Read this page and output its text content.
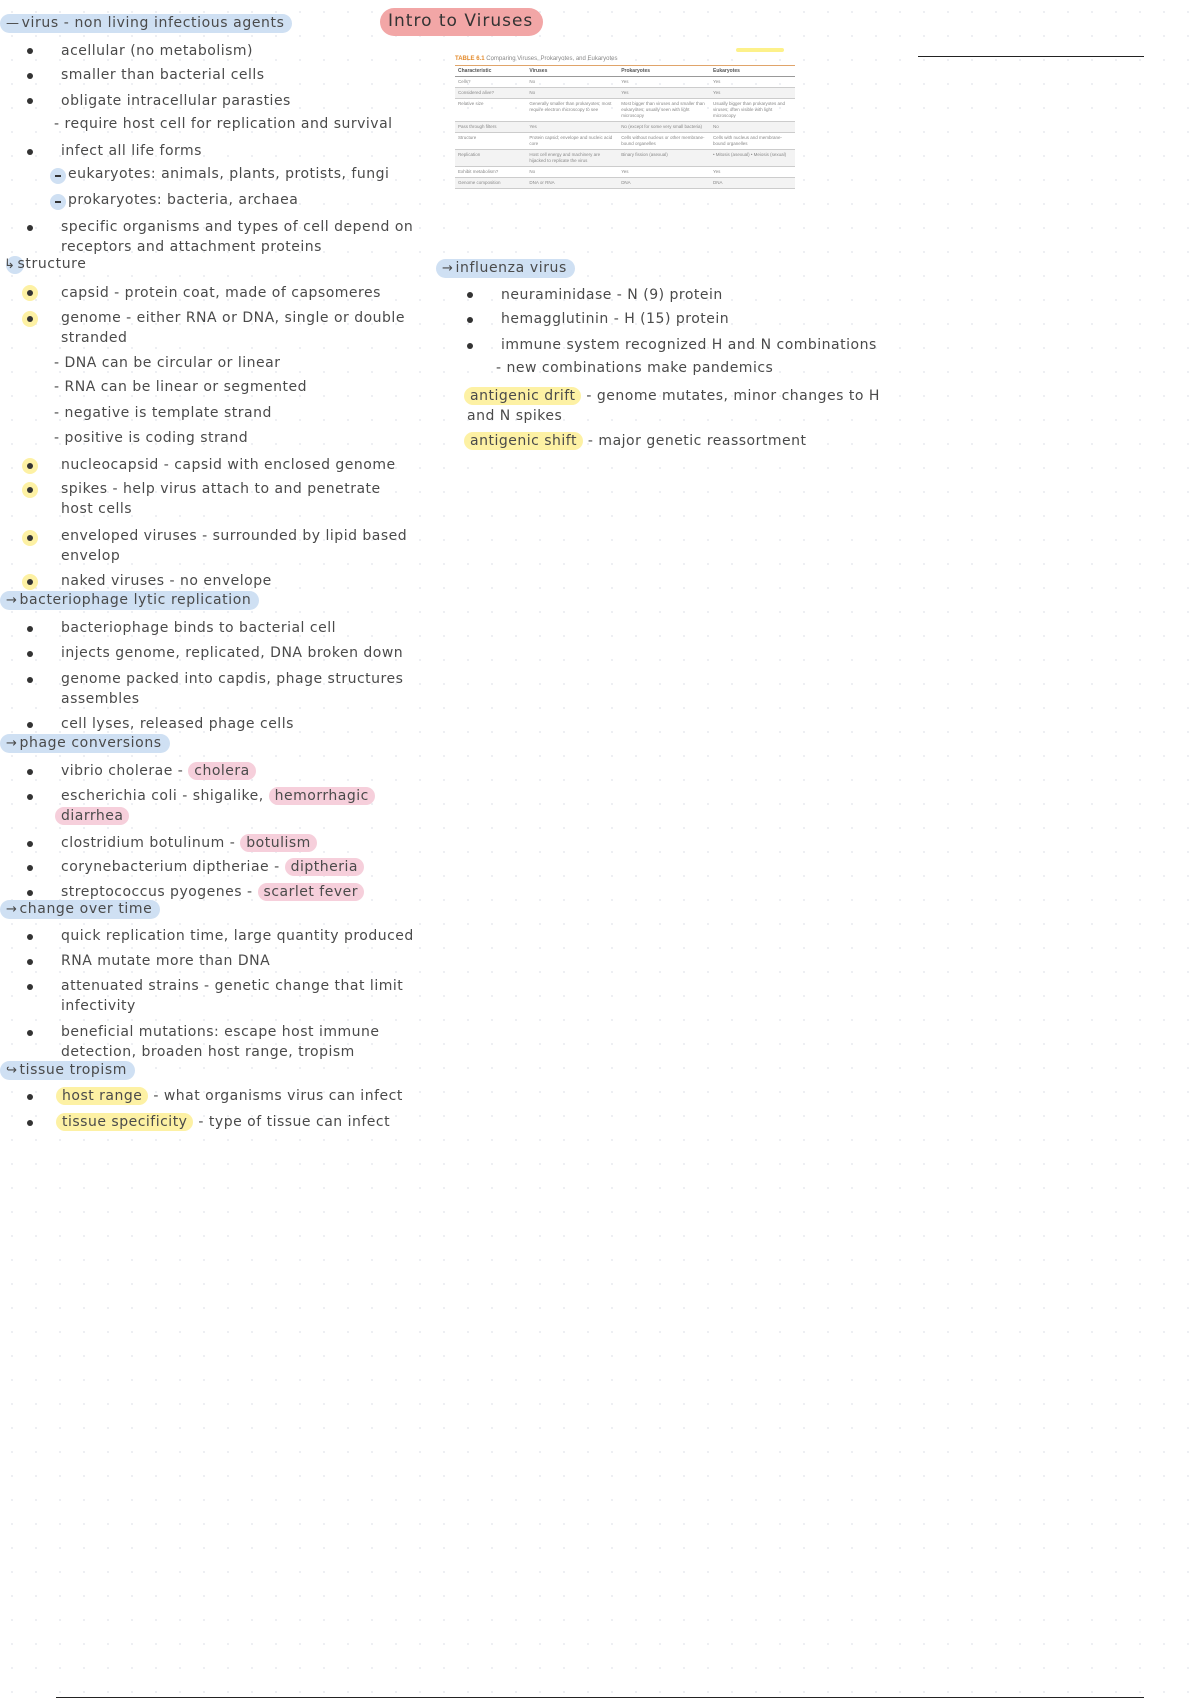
Intro to Viruses
— virus - non living infectious agents
acellular (no metabolism)
smaller than bacterial cells
obligate intracellular parasties
- require host cell for replication and survival
infect all life forms
eukaryotes: animals, plants, protists, fungi
prokaryotes: bacteria, archaea
specific organisms and types of cell depend on
receptors and attachment proteins
↳ structure
capsid - protein coat, made of capsomeres
genome - either RNA or DNA, single or double
stranded
- DNA can be circular or linear
- RNA can be linear or segmented
- negative is template strand
- positive is coding strand
nucleocapsid - capsid with enclosed genome
spikes - help virus attach to and penetrate
host cells
enveloped viruses - surrounded by lipid based
envelop
naked viruses - no envelope
→ bacteriophage lytic replication
bacteriophage binds to bacterial cell
injects genome, replicated, DNA broken down
genome packed into capdis, phage structures
assembles
cell lyses, released phage cells
→ phage conversions
vibrio cholerae - cholera
escherichia coli - shigalike, hemorrhagic
diarrhea
clostridium botulinum - botulism
corynebacterium diptheriae - diptheria
streptococcus pyogenes - scarlet fever
→ change over time
quick replication time, large quantity produced
RNA mutate more than DNA
attenuated strains - genetic change that limit
infectivity
beneficial mutations: escape host immune
detection, broaden host range, tropism
↪ tissue tropism
host range - what organisms virus can infect
tissue specificity - type of tissue can infect
TABLE 6.1 Comparing Viruses, Prokaryotes, and Eukaryotes
Characteristic	Viruses	Prokaryotes	Eukaryotes
Cells?	No	Yes	Yes
Considered alive?	No	Yes	Yes
Relative size	Generally smaller than prokaryotes; most require electron microscopy to see	Most bigger than viruses and smaller than eukaryotes; usually seen with light microscopy	Usually bigger than prokaryotes and viruses; often visible with light microscopy
Pass through filters	Yes	No (except for some very small bacteria)	No
Structure	Protein capsid; envelope and nucleic acid core	Cells without nucleus or other membrane-bound organelles	Cells with nucleus and membrane-bound organelles
Replication	Host cell energy and machinery are hijacked to replicate the virus	Binary fission (asexual)	• Mitosis (asexual) • Meiosis (sexual)
Exhibit metabolism?	No	Yes	Yes
Genome composition	DNA or RNA	DNA	DNA
→ influenza virus
neuraminidase - N (9) protein
hemagglutinin - H (15) protein
immune system recognized H and N combinations
- new combinations make pandemics
antigenic drift - genome mutates, minor changes to H
and N spikes
antigenic shift - major genetic reassortment
